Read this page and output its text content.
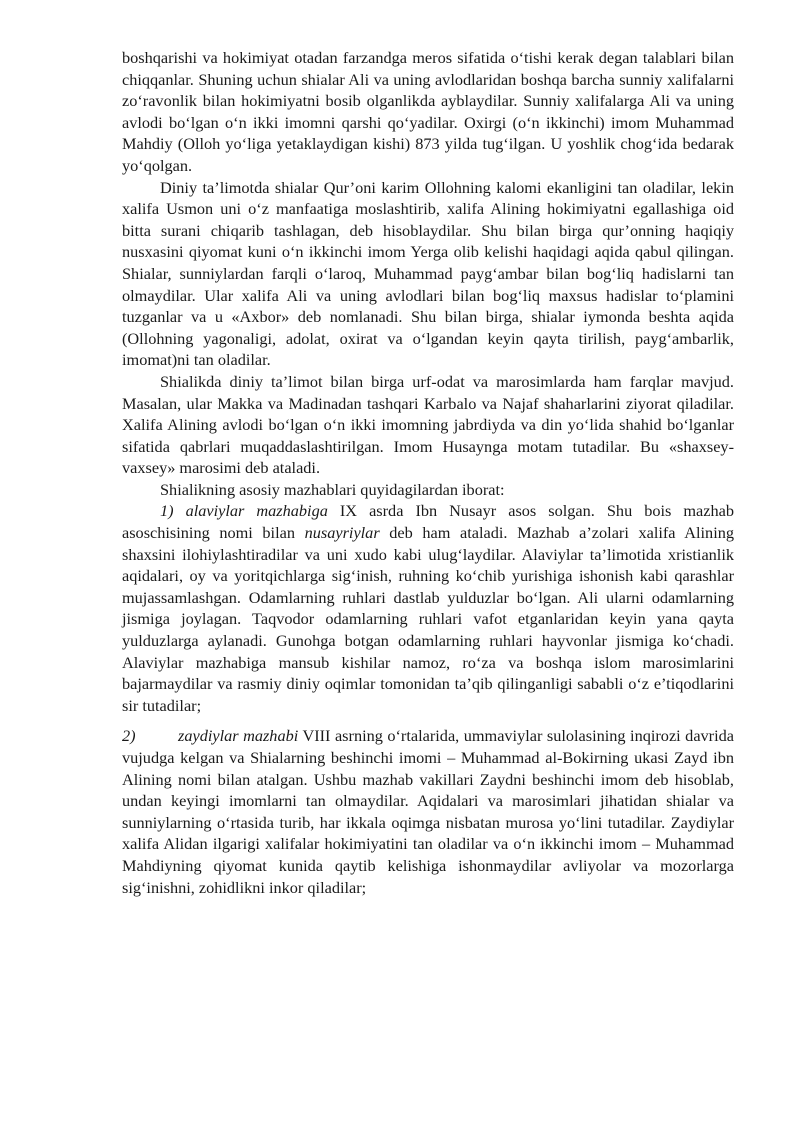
boshqarishi va hokimiyat otadan farzandga meros sifatida oʻtishi kerak degan talablari bilan chiqqanlar. Shuning uchun shialar Ali va uning avlodlaridan boshqa barcha sunniy xalifalarni zoʻravonlik bilan hokimiyatni bosib olganlikda ayblaydilar. Sunniy xalifalarga Ali va uning avlodi boʻlgan oʻn ikki imomni qarshi qoʻyadilar. Oxirgi (oʻn ikkinchi) imom Muhammad Mahdiy (Olloh yoʻliga yetaklaydigan kishi) 873 yilda tugʻilgan. U yoshlik chogʻida bedarak yoʻqolgan.

Diniy ta’limotda shialar Qur’oni karim Ollohning kalomi ekanligini tan oladilar, lekin xalifa Usmon uni oʻz manfaatiga moslashtirib, xalifa Alining hokimiyatni egallashiga oid bitta surani chiqarib tashlagan, deb hisoblaydilar. Shu bilan birga qur’onning haqiqiy nusxasini qiyomat kuni oʻn ikkinchi imom Yerga olib kelishi haqidagi aqida qabul qilingan. Shialar, sunniylardan farqli oʻlaroq, Muhammad paygʻambar bilan bogʻliq hadislarni tan olmaydilar. Ular xalifa Ali va uning avlodlari bilan bogʻliq maxsus hadislar toʻplamini tuzganlar va u «Axbor» deb nomlanadi. Shu bilan birga, shialar iymonda beshta aqida (Ollohning yagonaligi, adolat, oxirat va oʻlgandan keyin qayta tirilish, paygʻambarlik, imomat)ni tan oladilar.

Shialikda diniy ta’limot bilan birga urf-odat va marosimlarda ham farqlar mavjud. Masalan, ular Makka va Madinadan tashqari Karbalo va Najaf shaharlarini ziyorat qiladilar. Xalifa Alining avlodi boʻlgan oʻn ikki imomning jabrdiyda va din yoʻlida shahid boʻlganlar sifatida qabrlari muqaddaslashtirilgan. Imom Husaynga motam tutadilar. Bu «shaxsey- vaxsey» marosimi deb ataladi.

Shialikning asosiy mazhablari quyidagilardan iborat:

1) alaviylar mazhabiga IX asrda Ibn Nusayr asos solgan. Shu bois mazhab asoschisining nomi bilan nusayriylar deb ham ataladi. Mazhab a’zolari xalifa Alining shaxsini ilohiylashtiradilar va uni xudo kabi ulugʻlaydilar. Alaviylar ta’limotida xristianlik aqidalari, oy va yoritqichlarga sigʻinish, ruhning koʻchib yurishiga ishonish kabi qarashlar mujassamlashgan. Odamlarning ruhlari dastlab yulduzlar boʻlgan. Ali ularni odamlarning jismiga joylagan. Taqvodor odamlarning ruhlari vafot etganlaridan keyin yana qayta yulduzlarga aylanadi. Gunohga botgan odamlarning ruhlari hayvonlar jismiga koʻchadi. Alaviylar mazhabiga mansub kishilar namoz, roʻza va boshqa islom marosimlarini bajarmaydilar va rasmiy diniy oqimlar tomonidan ta’qib qilinganligi sababli oʻz e’tiqodlarini sir tutadilar;

2)	zaydiylar mazhabi VIII asrning oʻrtalarida, ummaviylar sulolasining inqirozi davrida vujudga kelgan va Shialarning beshinchi imomi – Muhammad al-Bokirning ukasi Zayd ibn Alining nomi bilan atalgan. Ushbu mazhab vakillari Zaydni beshinchi imom deb hisoblab, undan keyingi imomlarni tan olmaydilar. Aqidalari va marosimlari jihatidan shialar va sunniylarning oʻrtasida turib, har ikkala oqimga nisbatan murosa yoʻlini tutadilar. Zaydiylar xalifa Alidan ilgarigi xalifalar hokimiyatini tan oladilar va oʻn ikkinchi imom – Muhammad Mahdiyning qiyomat kunida qaytib kelishiga ishonmaydilar avliyolar va mozorlarga sigʻinishni, zohidlikni inkor qiladilar;
